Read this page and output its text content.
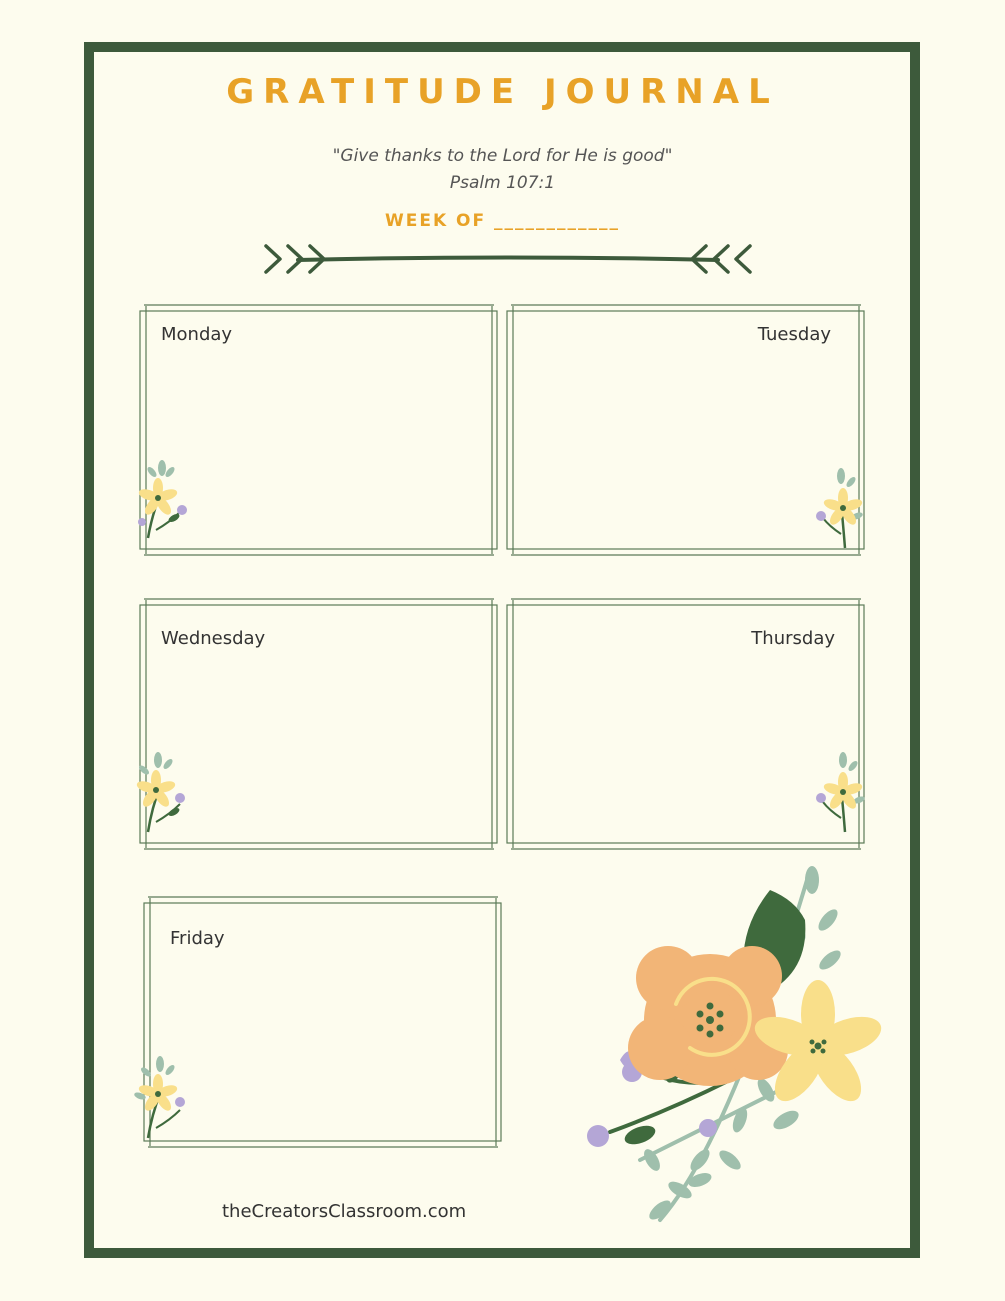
GRATITUDE JOURNAL
"Give thanks to the Lord for He is good"
Psalm 107:1
WEEK OF ____________
Monday	Tuesday
Wednesday	Thursday
Friday
theCreatorsClassroom.com
